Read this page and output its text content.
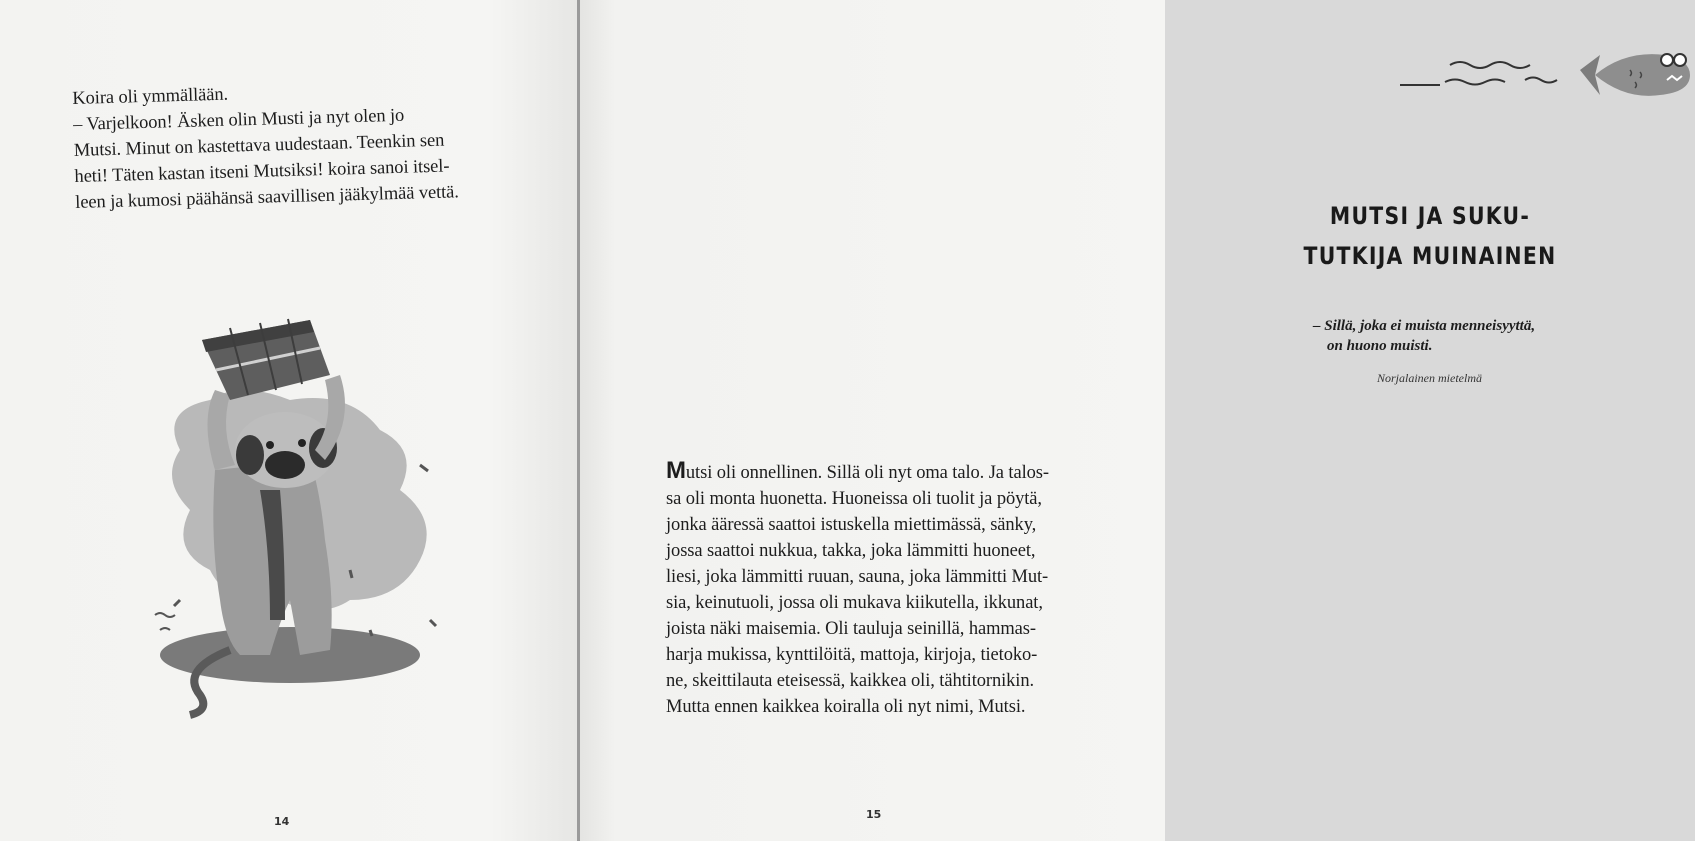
Koira oli ymmällään.
– Varjelkoon! Äsken olin Musti ja nyt olen jo
Mutsi. Minut on kastettava uudestaan. Teenkin sen
heti! Täten kastan itseni Mutsiksi! koira sanoi itsel-
leen ja kumosi päähänsä saavillisen jääkylmää vettä.

14
MUTSI JA SUKU-
TUTKIJA MUINAINEN
– Sillä, joka ei muista menneisyyttä,
on huono muisti.
Norjalainen mietelmä

Mutsi oli onnellinen. Sillä oli nyt oma talo. Ja talos-
sa oli monta huonetta. Huoneissa oli tuolit ja pöytä,
jonka ääressä saattoi istuskella miettimässä, sänky,
jossa saattoi nukkua, takka, joka lämmitti huoneet,
liesi, joka lämmitti ruuan, sauna, joka lämmitti Mut-
sia, keinutuoli, jossa oli mukava kiikutella, ikkunat,
joista näki maisemia. Oli tauluja seinillä, hammas-
harja mukissa, kynttilöitä, mattoja, kirjoja, tietoko-
ne, skeittilauta eteisessä, kaikkea oli, tähtitornikin.
Mutta ennen kaikkea koiralla oli nyt nimi, Mutsi.

15
